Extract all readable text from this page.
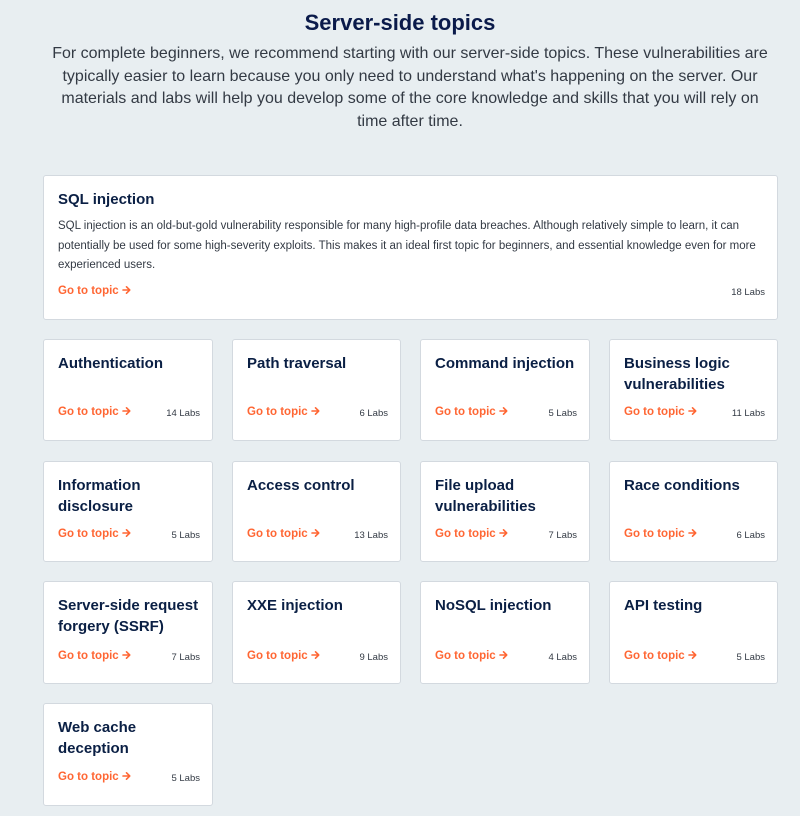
Server-side topics

For complete beginners, we recommend starting with our server-side topics. These vulnerabilities are typically easier to learn because you only need to understand what's happening on the server. Our materials and labs will help you develop some of the core knowledge and skills that you will rely on time after time.

SQL injection
SQL injection is an old-but-gold vulnerability responsible for many high-profile data breaches. Although relatively simple to learn, it can potentially be used for some high-severity exploits. This makes it an ideal first topic for beginners, and essential knowledge even for more experienced users.
Go to topic	18 Labs
Authentication
Go to topic	14 Labs
Path traversal
Go to topic	6 Labs
Command injection
Go to topic	5 Labs
Business logic vulnerabilities
Go to topic	11 Labs
Information disclosure
Go to topic	5 Labs
Access control
Go to topic	13 Labs
File upload vulnerabilities
Go to topic	7 Labs
Race conditions
Go to topic	6 Labs
Server-side request forgery (SSRF)
Go to topic	7 Labs
XXE injection
Go to topic	9 Labs
NoSQL injection
Go to topic	4 Labs
API testing
Go to topic	5 Labs
Web cache deception
Go to topic	5 Labs
